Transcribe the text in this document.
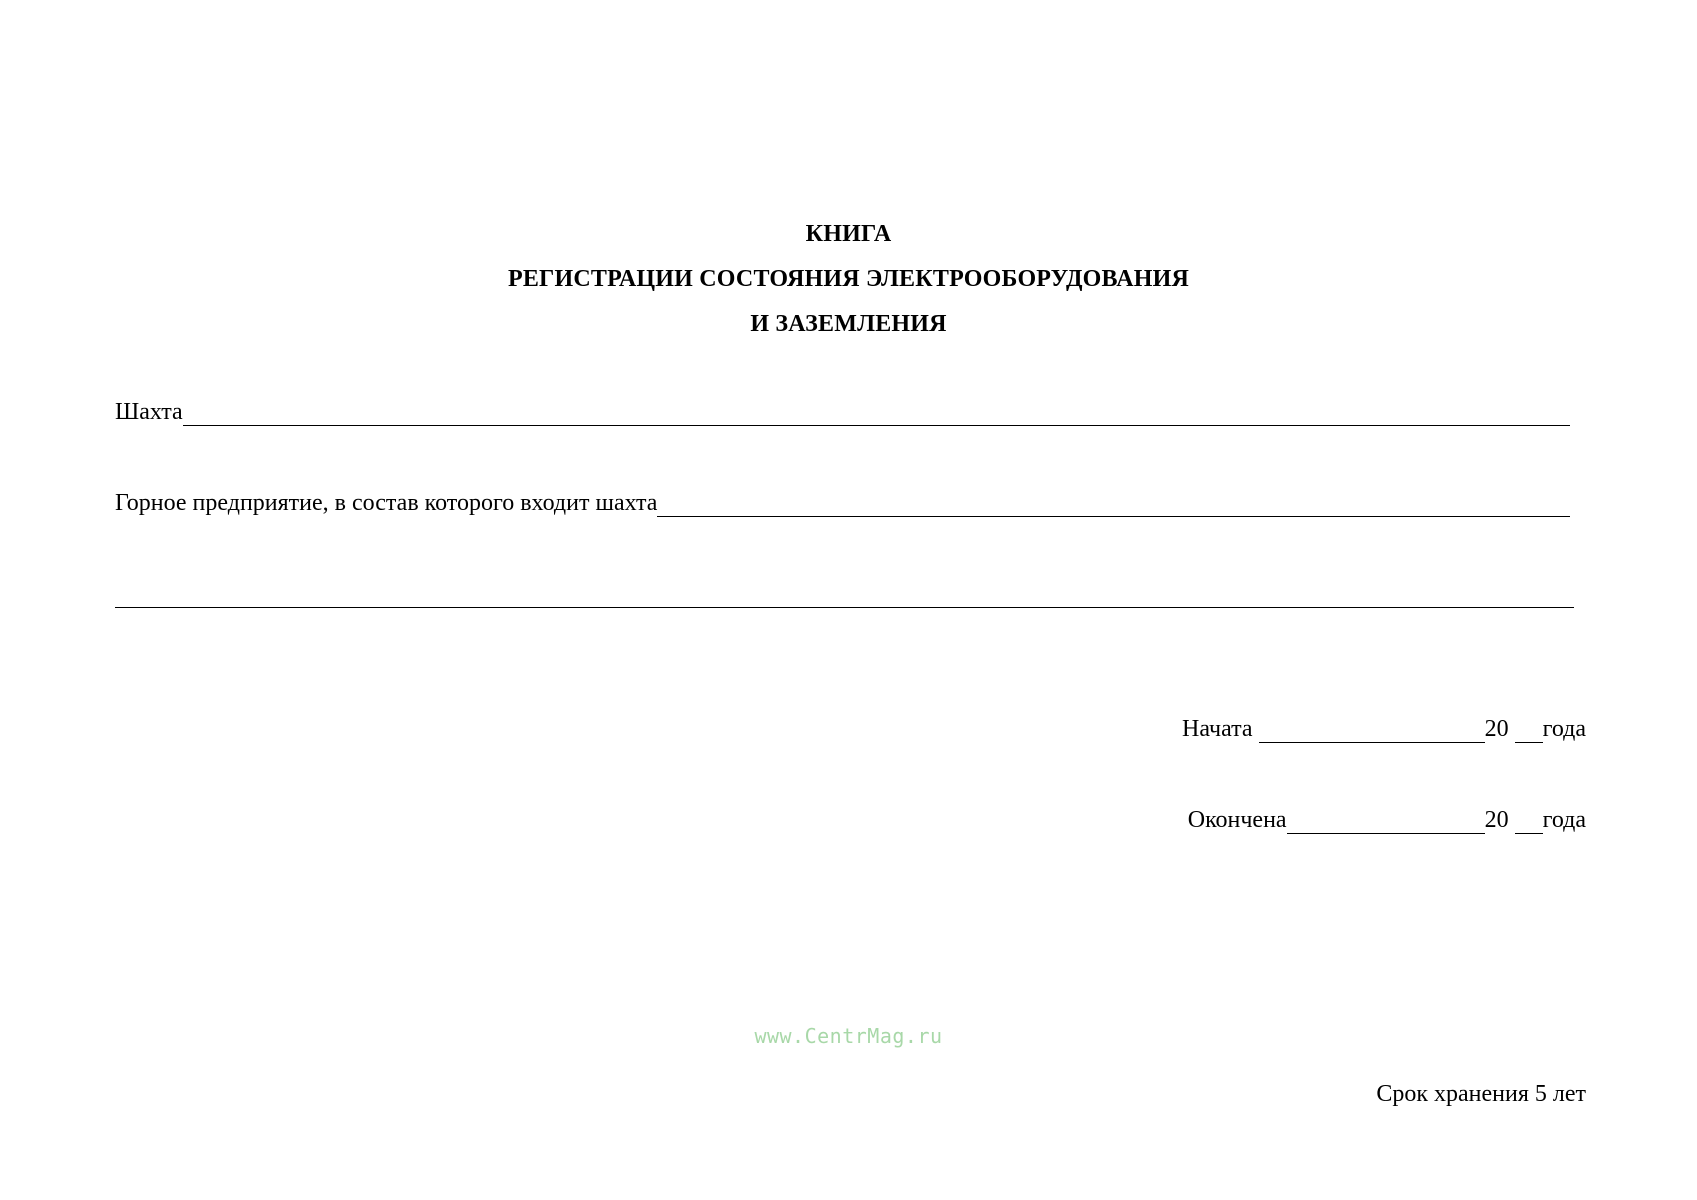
КНИГА
РЕГИСТРАЦИИ СОСТОЯНИЯ ЭЛЕКТРООБОРУДОВАНИЯ
И ЗАЗЕМЛЕНИЯ
Шахта
Горное предприятие, в состав которого входит шахта
Начата	20 года
Окончена	20 года
www.CentrMag.ru
Срок хранения 5 лет
